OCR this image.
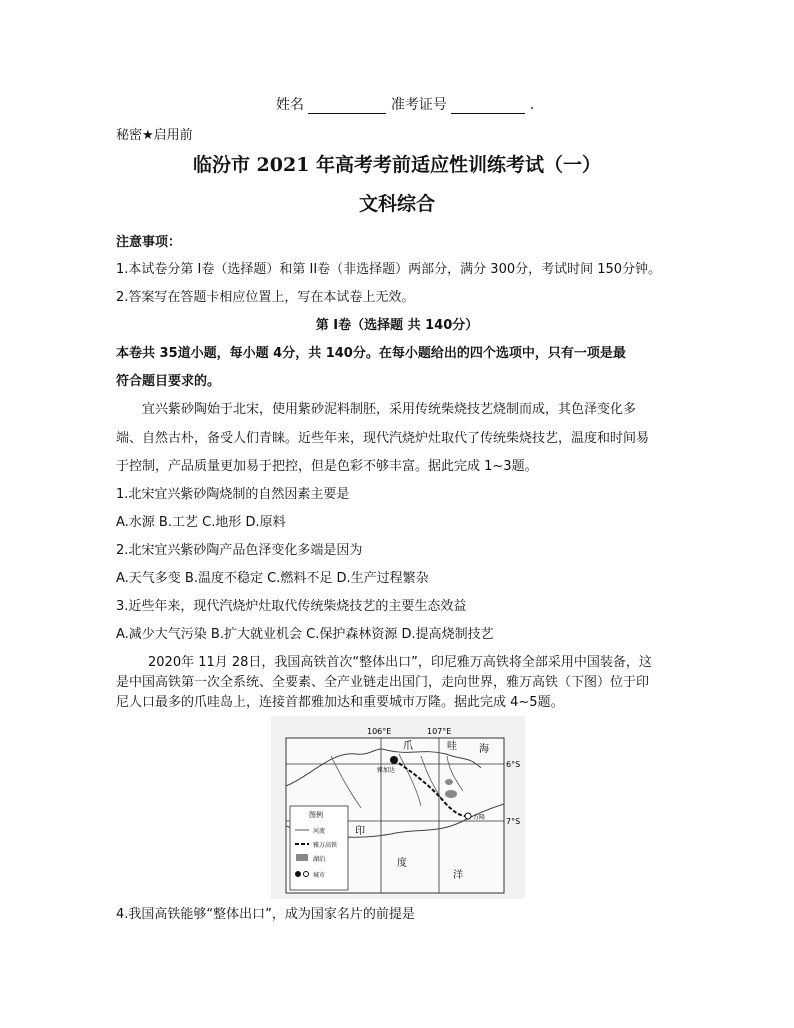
姓名	准考证号	.
秘密★启用前
临汾市 2021 年高考考前适应性训练考试（一）
文科综合
注意事项：
1.本试卷分第 I卷（选择题）和第 II卷（非选择题）两部分，满分 300分，考试时间 150分钟。
2.答案写在答题卡相应位置上，写在本试卷上无效。
第 I卷（选择题 共 140分）
本卷共 35道小题，每小题 4分，共 140分。在每小题给出的四个选项中，只有一项是最
符合题目要求的。
宜兴紫砂陶始于北宋，使用紫砂泥料制胚，采用传统柴烧技艺烧制而成，其色泽变化多
端、自然古朴，备受人们青睐。近些年来，现代汽烧炉灶取代了传统柴烧技艺，温度和时间易
于控制，产品质量更加易于把控，但是色彩不够丰富。据此完成 1~3题。
1.北宋宜兴紫砂陶烧制的自然因素主要是
A.水源 B.工艺 C.地形 D.原料
2.北宋宜兴紫砂陶产品色泽变化多端是因为
A.天气多变 B.温度不稳定 C.燃料不足 D.生产过程繁杂
3.近些年来，现代汽烧炉灶取代传统柴烧技艺的主要生态效益
A.减少大气污染 B.扩大就业机会 C.保护森林资源 D.提高烧制技艺
2020年 11月 28日，我国高铁首次“整体出口”，印尼雅万高铁将全部采用中国装备，这
是中国高铁第一次全系统、全要素、全产业链走出国门，走向世界，雅万高铁（下图）位于印
尼人口最多的爪哇岛上，连接首都雅加达和重要城市万隆。据此完成 4~5题。
106°E	107°E
6°S
7°S
爪	哇 海
印
度
洋
雅加达
万隆
图例
河流
雅万高铁
湖泊
城市
4.我国高铁能够“整体出口”，成为国家名片的前提是
